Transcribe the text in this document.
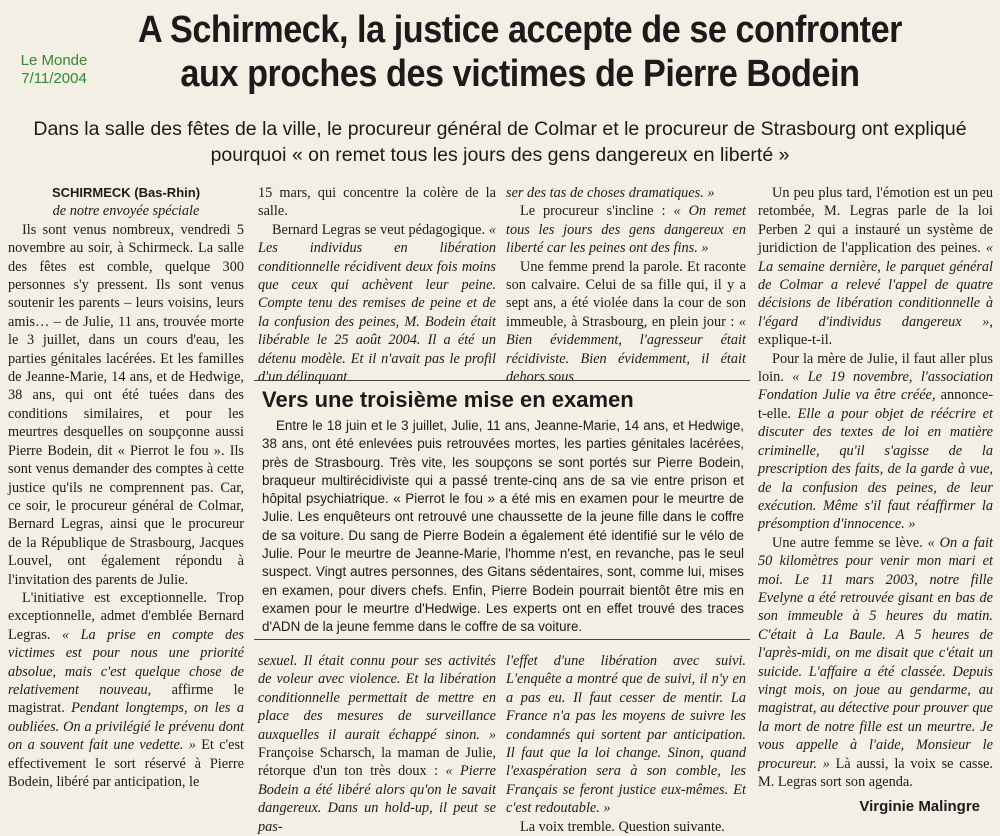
Le Monde
7/11/2004
A Schirmeck, la justice accepte de se confronter aux proches des victimes de Pierre Bodein

Dans la salle des fêtes de la ville, le procureur général de Colmar et le procureur de Strasbourg ont expliqué pourquoi « on remet tous les jours des gens dangereux en liberté »

SCHIRMECK (Bas-Rhin)

de notre envoyée spéciale

Ils sont venus nombreux, vendredi 5 novembre au soir, à Schirmeck. La salle des fêtes est comble, quelque 300 personnes s'y pressent. Ils sont venus soutenir les parents – leurs voisins, leurs amis… – de Julie, 11 ans, trouvée morte le 3 juillet, dans un cours d'eau, les parties génitales lacérées. Et les familles de Jeanne-Marie, 14 ans, et de Hedwige, 38 ans, qui ont été tuées dans des conditions similaires, et pour les meurtres desquelles on soupçonne aussi Pierre Bodein, dit « Pierrot le fou ». Ils sont venus demander des comptes à cette justice qu'ils ne comprennent pas. Car, ce soir, le procureur général de Colmar, Bernard Legras, ainsi que le procureur de la République de Strasbourg, Jacques Louvel, ont également répondu à l'invitation des parents de Julie.

L'initiative est exceptionnelle. Trop exceptionnelle, admet d'emblée Bernard Legras. « La prise en compte des victimes est pour nous une priorité absolue, mais c'est quelque chose de relativement nouveau, affirme le magistrat. Pendant longtemps, on les a oubliées. On a privilégié le prévenu dont on a souvent fait une vedette. » Et c'est effectivement le sort réservé à Pierre Bodein, libéré par anticipation, le

15 mars, qui concentre la colère de la salle.

Bernard Legras se veut pédagogique. « Les individus en libération conditionnelle récidivent deux fois moins que ceux qui achèvent leur peine. Compte tenu des remises de peine et de la confusion des peines, M. Bodein était libérable le 25 août 2004. Il a été un détenu modèle. Et il n'avait pas le profil d'un délinquant

ser des tas de choses dramatiques. »

Le procureur s'incline : « On remet tous les jours des gens dangereux en liberté car les peines ont des fins. »

Une femme prend la parole. Et raconte son calvaire. Celui de sa fille qui, il y a sept ans, a été violée dans la cour de son immeuble, à Strasbourg, en plein jour : « Bien évidemment, l'agresseur était récidiviste. Bien évidemment, il était dehors sous

Vers une troisième mise en examen

Entre le 18 juin et le 3 juillet, Julie, 11 ans, Jeanne-Marie, 14 ans, et Hedwige, 38 ans, ont été enlevées puis retrouvées mortes, les parties génitales lacérées, près de Strasbourg. Très vite, les soupçons se sont portés sur Pierre Bodein, braqueur multirécidiviste qui a passé trente-cinq ans de sa vie entre prison et hôpital psychiatrique. « Pierrot le fou » a été mis en examen pour le meurtre de Julie. Les enquêteurs ont retrouvé une chaussette de la jeune fille dans le coffre de sa voiture. Du sang de Pierre Bodein a également été identifié sur le vélo de Julie. Pour le meurtre de Jeanne-Marie, l'homme n'est, en revanche, pas le seul suspect. Vingt autres personnes, des Gitans sédentaires, sont, comme lui, mises en examen, pour divers chefs. Enfin, Pierre Bodein pourrait bientôt être mis en examen pour le meurtre d'Hedwige. Les experts ont en effet trouvé des traces d'ADN de la jeune femme dans le coffre de sa voiture.

sexuel. Il était connu pour ses activités de voleur avec violence. Et la libération conditionnelle permettait de mettre en place des mesures de surveillance auxquelles il aurait échappé sinon. » Françoise Scharsch, la maman de Julie, rétorque d'un ton très doux : « Pierre Bodein a été libéré alors qu'on le savait dangereux. Dans un hold-up, il peut se pas-

l'effet d'une libération avec suivi. L'enquête a montré que de suivi, il n'y en a pas eu. Il faut cesser de mentir. La France n'a pas les moyens de suivre les condamnés qui sortent par anticipation. Il faut que la loi change. Sinon, quand l'exaspération sera à son comble, les Français se feront justice eux-mêmes. Et c'est redoutable. »

La voix tremble. Question suivante.

Un peu plus tard, l'émotion est un peu retombée, M. Legras parle de la loi Perben 2 qui a instauré un système de juridiction de l'application des peines. « La semaine dernière, le parquet général de Colmar a relevé l'appel de quatre décisions de libération conditionnelle à l'égard d'individus dangereux », explique-t-il.

Pour la mère de Julie, il faut aller plus loin. « Le 19 novembre, l'association Fondation Julie va être créée, annonce-t-elle. Elle a pour objet de réécrire et discuter des textes de loi en matière criminelle, qu'il s'agisse de la prescription des faits, de la garde à vue, de la confusion des peines, de leur exécution. Même s'il faut réaffirmer la présomption d'innocence. »

Une autre femme se lève. « On a fait 50 kilomètres pour venir mon mari et moi. Le 11 mars 2003, notre fille Evelyne a été retrouvée gisant en bas de son immeuble à 5 heures du matin. C'était à La Baule. A 5 heures de l'après-midi, on me disait que c'était un suicide. L'affaire a été classée. Depuis vingt mois, on joue au gendarme, au magistrat, au détective pour prouver que la mort de notre fille est un meurtre. Je vous appelle à l'aide, Monsieur le procureur. » Là aussi, la voix se casse. M. Legras sort son agenda.

Virginie Malingre
